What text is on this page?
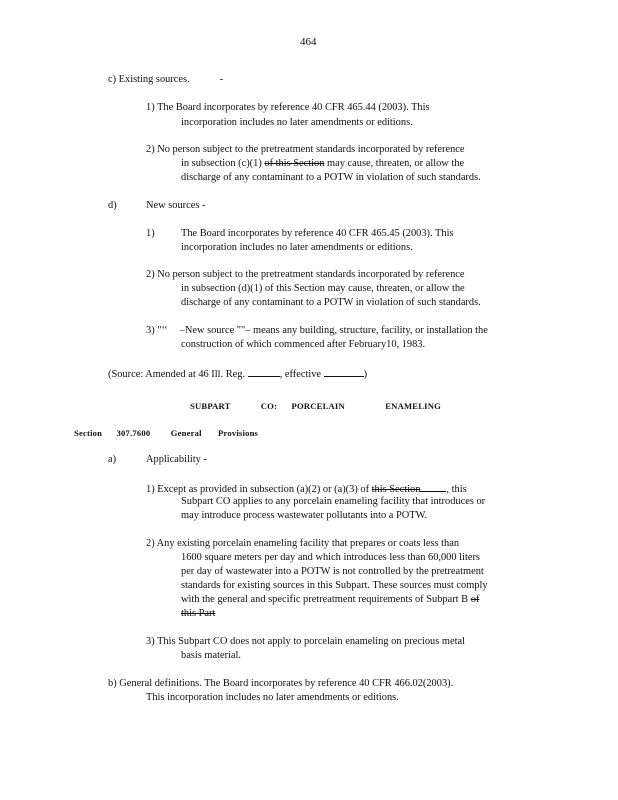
464
c) Existing sources.	-
1) The Board incorporates by reference 40 CFR 465.44 (2003). This
incorporation includes no later amendments or editions.
2) No person subject to the pretreatment standards incorporated by reference
in subsection (c)(1) of this Section may cause, threaten, or allow the
discharge of any contaminant to a POTW in violation of such standards.
d)	New sources -
1)	The Board incorporates by reference 40 CFR 465.45 (2003). This
incorporation includes no later amendments or editions.
2) No person subject to the pretreatment standards incorporated by reference
in subsection (d)(1) of this Section may cause, threaten, or allow the
discharge of any contaminant to a POTW in violation of such standards.
3) "‘‘ –New source ""– means any building, structure, facility, or installation the
construction of which commenced after February10, 1983.
(Source: Amended at 46 Ill. Reg.	, effective	)
SUBPART	CO: PORCELAIN	ENAMELING
Section 307.7600 General Provisions
a)	Applicability -
1) Except as provided in subsection (a)(2) or (a)(3) of this Section	, this
Subpart CO applies to any porcelain enameling facility that introduces or
may introduce process wastewater pollutants into a POTW.
2) Any existing porcelain enameling facility that prepares or coats less than
1600 square meters per day and which introduces less than 60,000 liters
per day of wastewater into a POTW is not controlled by the pretreatment
standards for existing sources in this Subpart. These sources must comply
with the general and specific pretreatment requirements of Subpart B of
this Part
3) This Subpart CO does not apply to porcelain enameling on precious metal
basis material.
b) General definitions. The Board incorporates by reference 40 CFR 466.02(2003).
This incorporation includes no later amendments or editions.
